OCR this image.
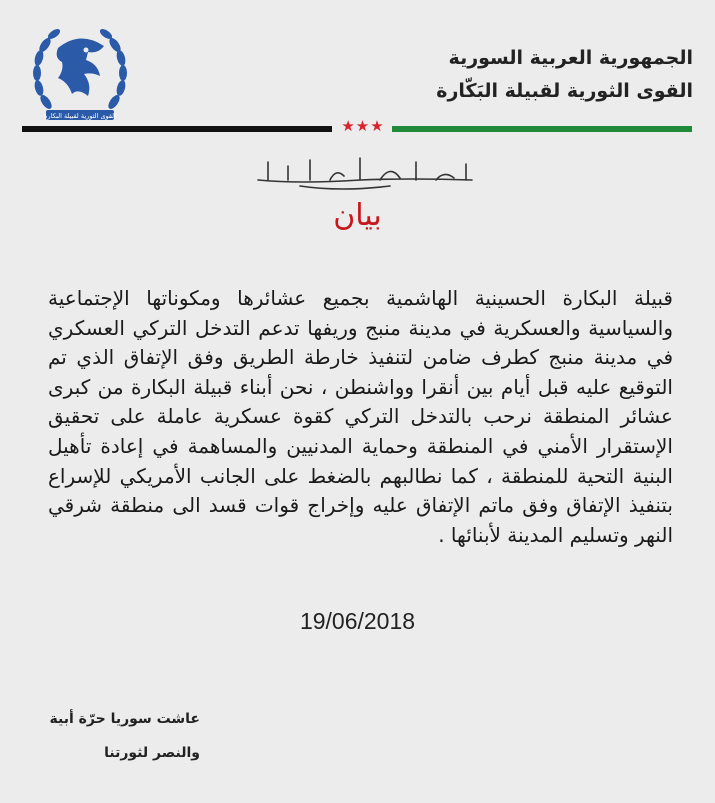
القوى الثورية لقبيلة البكارة
الجمهورية العربية السورية
القوى الثورية لقبيلة البَكّارة
★★★
بسم الله الرحمن الرحيم
بيان
قبيلة البكارة الحسينية الهاشمية بجميع عشائرها ومكوناتها الإجتماعية والسياسية والعسكرية في مدينة منبج وريفها تدعم التدخل التركي العسكري في مدينة منبج كطرف ضامن لتنفيذ خارطة الطريق وفق الإتفاق الذي تم التوقيع عليه قبل أيام بين أنقرا وواشنطن ، نحن أبناء قبيلة البكارة من كبرى عشائر المنطقة نرحب بالتدخل التركي كقوة عسكرية عاملة على تحقيق الإستقرار الأمني في المنطقة وحماية المدنيين والمساهمة في إعادة تأهيل البنية التحية للمنطقة ، كما نطالبهم بالضغط على الجانب الأمريكي للإسراع بتنفيذ الإتفاق وفق ماتم الإتفاق عليه وإخراج قوات قسد الى منطقة شرقي النهر وتسليم المدينة لأبنائها .
19/06/2018
عاشت سوريا حرّة أبية
والنصر لثورتنا
